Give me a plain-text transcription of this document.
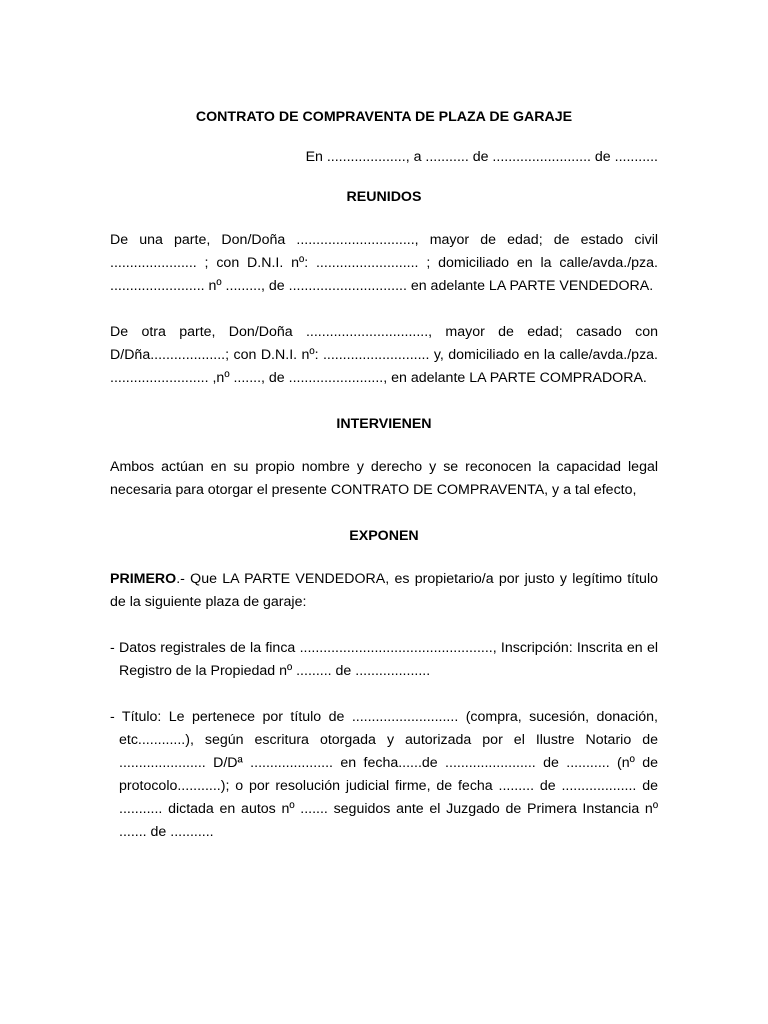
CONTRATO DE COMPRAVENTA DE PLAZA DE GARAJE
En ...................., a ........... de ......................... de ...........
REUNIDOS
De una parte, Don/Doña .............................., mayor de edad; de estado civil ...................... ; con D.N.I. nº: .......................... ; domiciliado en la calle/avda./pza. ........................ nº ........., de .............................. en adelante LA PARTE VENDEDORA.
De otra parte, Don/Doña ..............................., mayor de edad; casado con D/Dña...................; con D.N.I. nº: ........................... y, domiciliado en la calle/avda./pza. ......................... ,nº ......., de ........................, en adelante LA PARTE COMPRADORA.
INTERVIENEN
Ambos actúan en su propio nombre y derecho y se reconocen la capacidad legal necesaria para otorgar el presente CONTRATO DE COMPRAVENTA, y a tal efecto,
EXPONEN
PRIMERO.- Que LA PARTE VENDEDORA, es propietario/a por justo y legítimo título de la siguiente plaza de garaje:
- Datos registrales de la finca ................................................., Inscripción: Inscrita en el Registro de la Propiedad nº ......... de ...................
- Título: Le pertenece por título de ........................... (compra, sucesión, donación, etc............), según escritura otorgada y autorizada por el Ilustre Notario de ...................... D/Dª ..................... en fecha......de ....................... de ........... (nº de protocolo...........); o por resolución judicial firme, de fecha ......... de ................... de ........... dictada en autos nº ....... seguidos ante el Juzgado de Primera Instancia nº ....... de ...........
